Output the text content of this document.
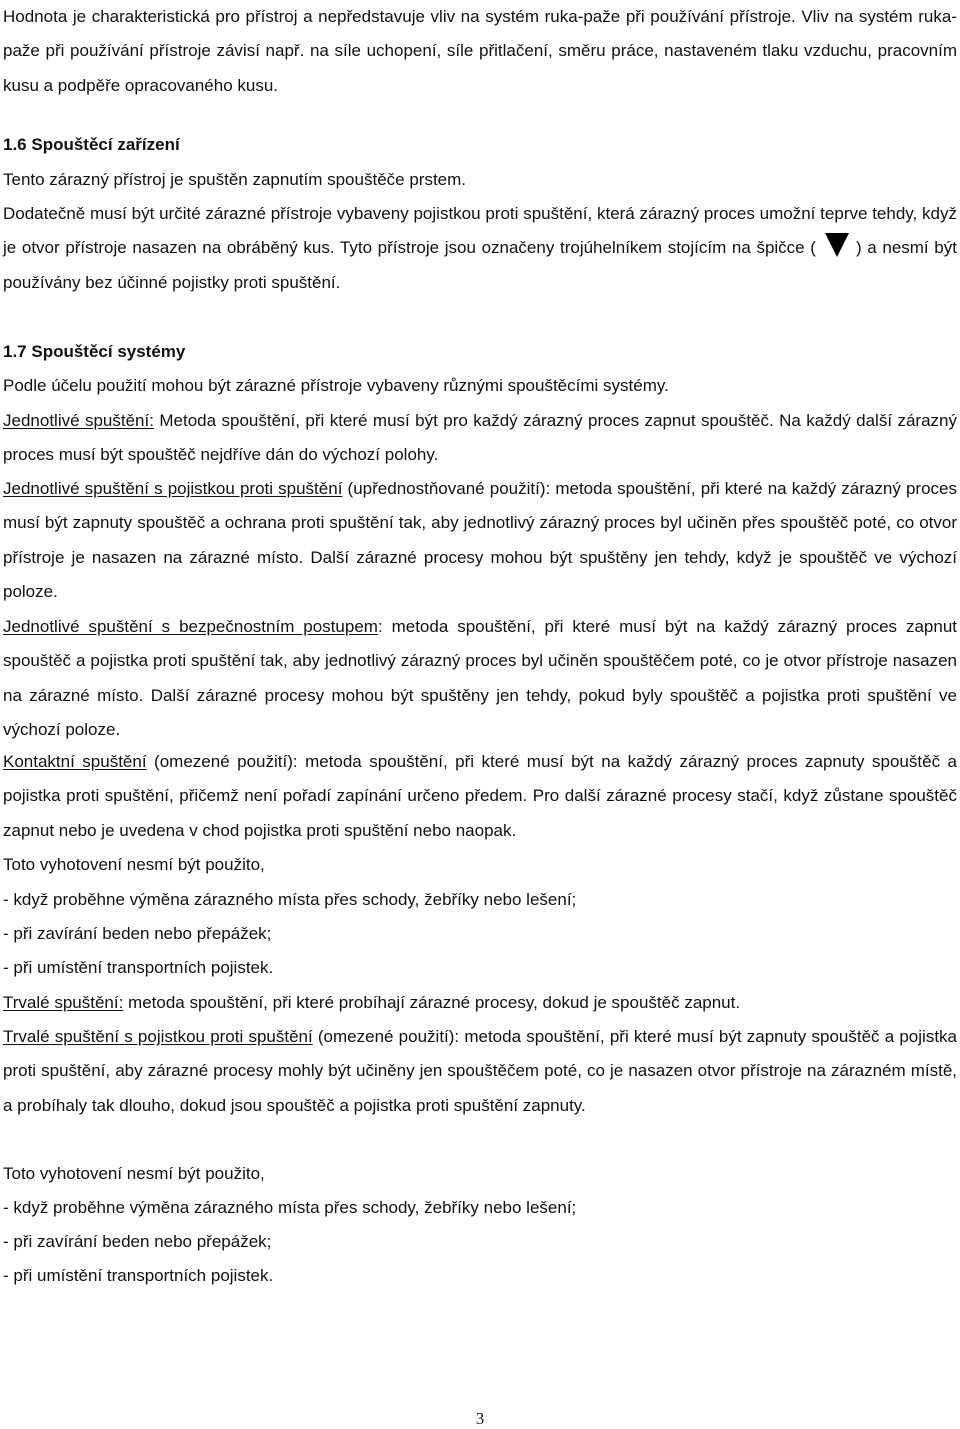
Hodnota je charakteristická pro přístroj a nepředstavuje vliv na systém ruka-paže při používání přístroje. Vliv na systém ruka-paže při používání přístroje závisí např. na síle uchopení, síle přitlačení, směru práce, nastaveném tlaku vzduchu, pracovním kusu a podpěře opracovaného kusu.

1.6 Spouštěcí zařízení

Tento zárazný přístroj je spuštěn zapnutím spouštěče prstem.

Dodatečně musí být určité zárazné přístroje vybaveny pojistkou proti spuštění, která zárazný proces umožní teprve tehdy, když je otvor přístroje nasazen na obráběný kus. Tyto přístroje jsou označeny trojúhelníkem stojícím na špičce ( ) a nesmí být používány bez účinné pojistky proti spuštění.

1.7 Spouštěcí systémy

Podle účelu použití mohou být zárazné přístroje vybaveny různými spouštěcími systémy.

Jednotlivé spuštění: Metoda spouštění, při které musí být pro každý zárazný proces zapnut spouštěč. Na každý další zárazný proces musí být spouštěč nejdříve dán do výchozí polohy.

Jednotlivé spuštění s pojistkou proti spuštění (upřednostňované použití): metoda spouštění, při které na každý zárazný proces musí být zapnuty spouštěč a ochrana proti spuštění tak, aby jednotlivý zárazný proces byl učiněn přes spouštěč poté, co otvor přístroje je nasazen na zárazné místo. Další zárazné procesy mohou být spuštěny jen tehdy, když je spouštěč ve výchozí poloze.

Jednotlivé spuštění s bezpečnostním postupem: metoda spouštění, při které musí být na každý zárazný proces zapnut spouštěč a pojistka proti spuštění tak, aby jednotlivý zárazný proces byl učiněn spouštěčem poté, co je otvor přístroje nasazen na zárazné místo. Další zárazné procesy mohou být spuštěny jen tehdy, pokud byly spouštěč a pojistka proti spuštění ve výchozí poloze.

Kontaktní spuštění (omezené použití): metoda spouštění, při které musí být na každý zárazný proces zapnuty spouštěč a pojistka proti spuštění, přičemž není pořadí zapínání určeno předem. Pro další zárazné procesy stačí, když zůstane spouštěč zapnut nebo je uvedena v chod pojistka proti spuštění nebo naopak.

Toto vyhotovení nesmí být použito,

- když proběhne výměna zárazného místa přes schody, žebříky nebo lešení;

- při zavírání beden nebo přepážek;

- při umístění transportních pojistek.

Trvalé spuštění: metoda spouštění, při které probíhají zárazné procesy, dokud je spouštěč zapnut.

Trvalé spuštění s pojistkou proti spuštění (omezené použití): metoda spouštění, při které musí být zapnuty spouštěč a pojistka proti spuštění, aby zárazné procesy mohly být učiněny jen spouštěčem poté, co je nasazen otvor přístroje na zárazném místě, a probíhaly tak dlouho, dokud jsou spouštěč a pojistka proti spuštění zapnuty.

Toto vyhotovení nesmí být použito,

- když proběhne výměna zárazného místa přes schody, žebříky nebo lešení;

- při zavírání beden nebo přepážek;

- při umístění transportních pojistek.

3
